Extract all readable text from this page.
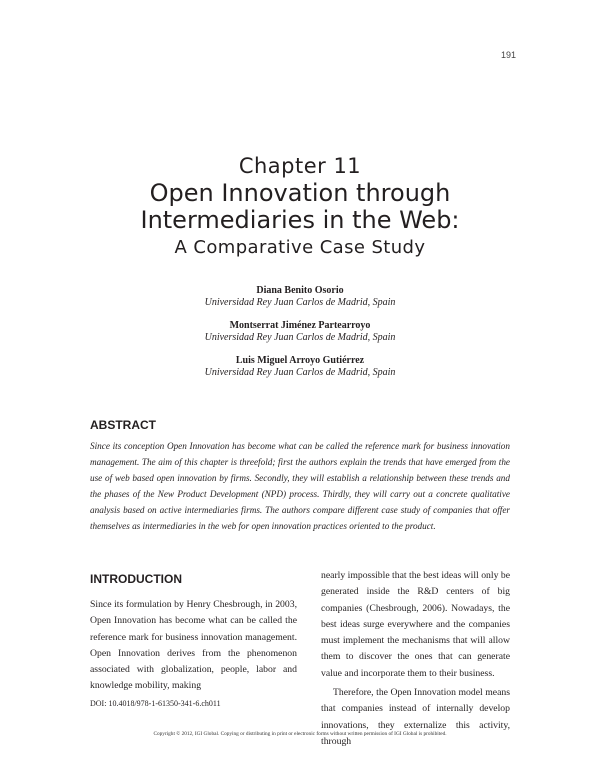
191
Chapter 11
Open Innovation through
Intermediaries in the Web:
A Comparative Case Study
Diana Benito Osorio
Universidad Rey Juan Carlos de Madrid, Spain
Montserrat Jiménez Partearroyo
Universidad Rey Juan Carlos de Madrid, Spain
Luis Miguel Arroyo Gutiérrez
Universidad Rey Juan Carlos de Madrid, Spain
ABSTRACT
Since its conception Open Innovation has become what can be called the reference mark for business innovation management. The aim of this chapter is threefold; first the authors explain the trends that have emerged from the use of web based open innovation by firms. Secondly, they will establish a relationship between these trends and the phases of the New Product Development (NPD) process. Thirdly, they will carry out a concrete qualitative analysis based on active intermediaries firms. The authors compare different case study of companies that offer themselves as intermediaries in the web for open innovation practices oriented to the product.
INTRODUCTION

Since its formulation by Henry Chesbrough, in 2003, Open Innovation has become what can be called the reference mark for business innovation management. Open Innovation derives from the phenomenon associated with globalization, people, labor and knowledge mobility, making

nearly impossible that the best ideas will only be generated inside the R&D centers of big companies (Chesbrough, 2006). Nowadays, the best ideas surge everywhere and the companies must implement the mechanisms that will allow them to discover the ones that can generate value and incorporate them to their business.

Therefore, the Open Innovation model means that companies instead of internally develop innovations, they externalize this activity, through

DOI: 10.4018/978-1-61350-341-6.ch011
Copyright © 2012, IGI Global. Copying or distributing in print or electronic forms without written permission of IGI Global is prohibited.
